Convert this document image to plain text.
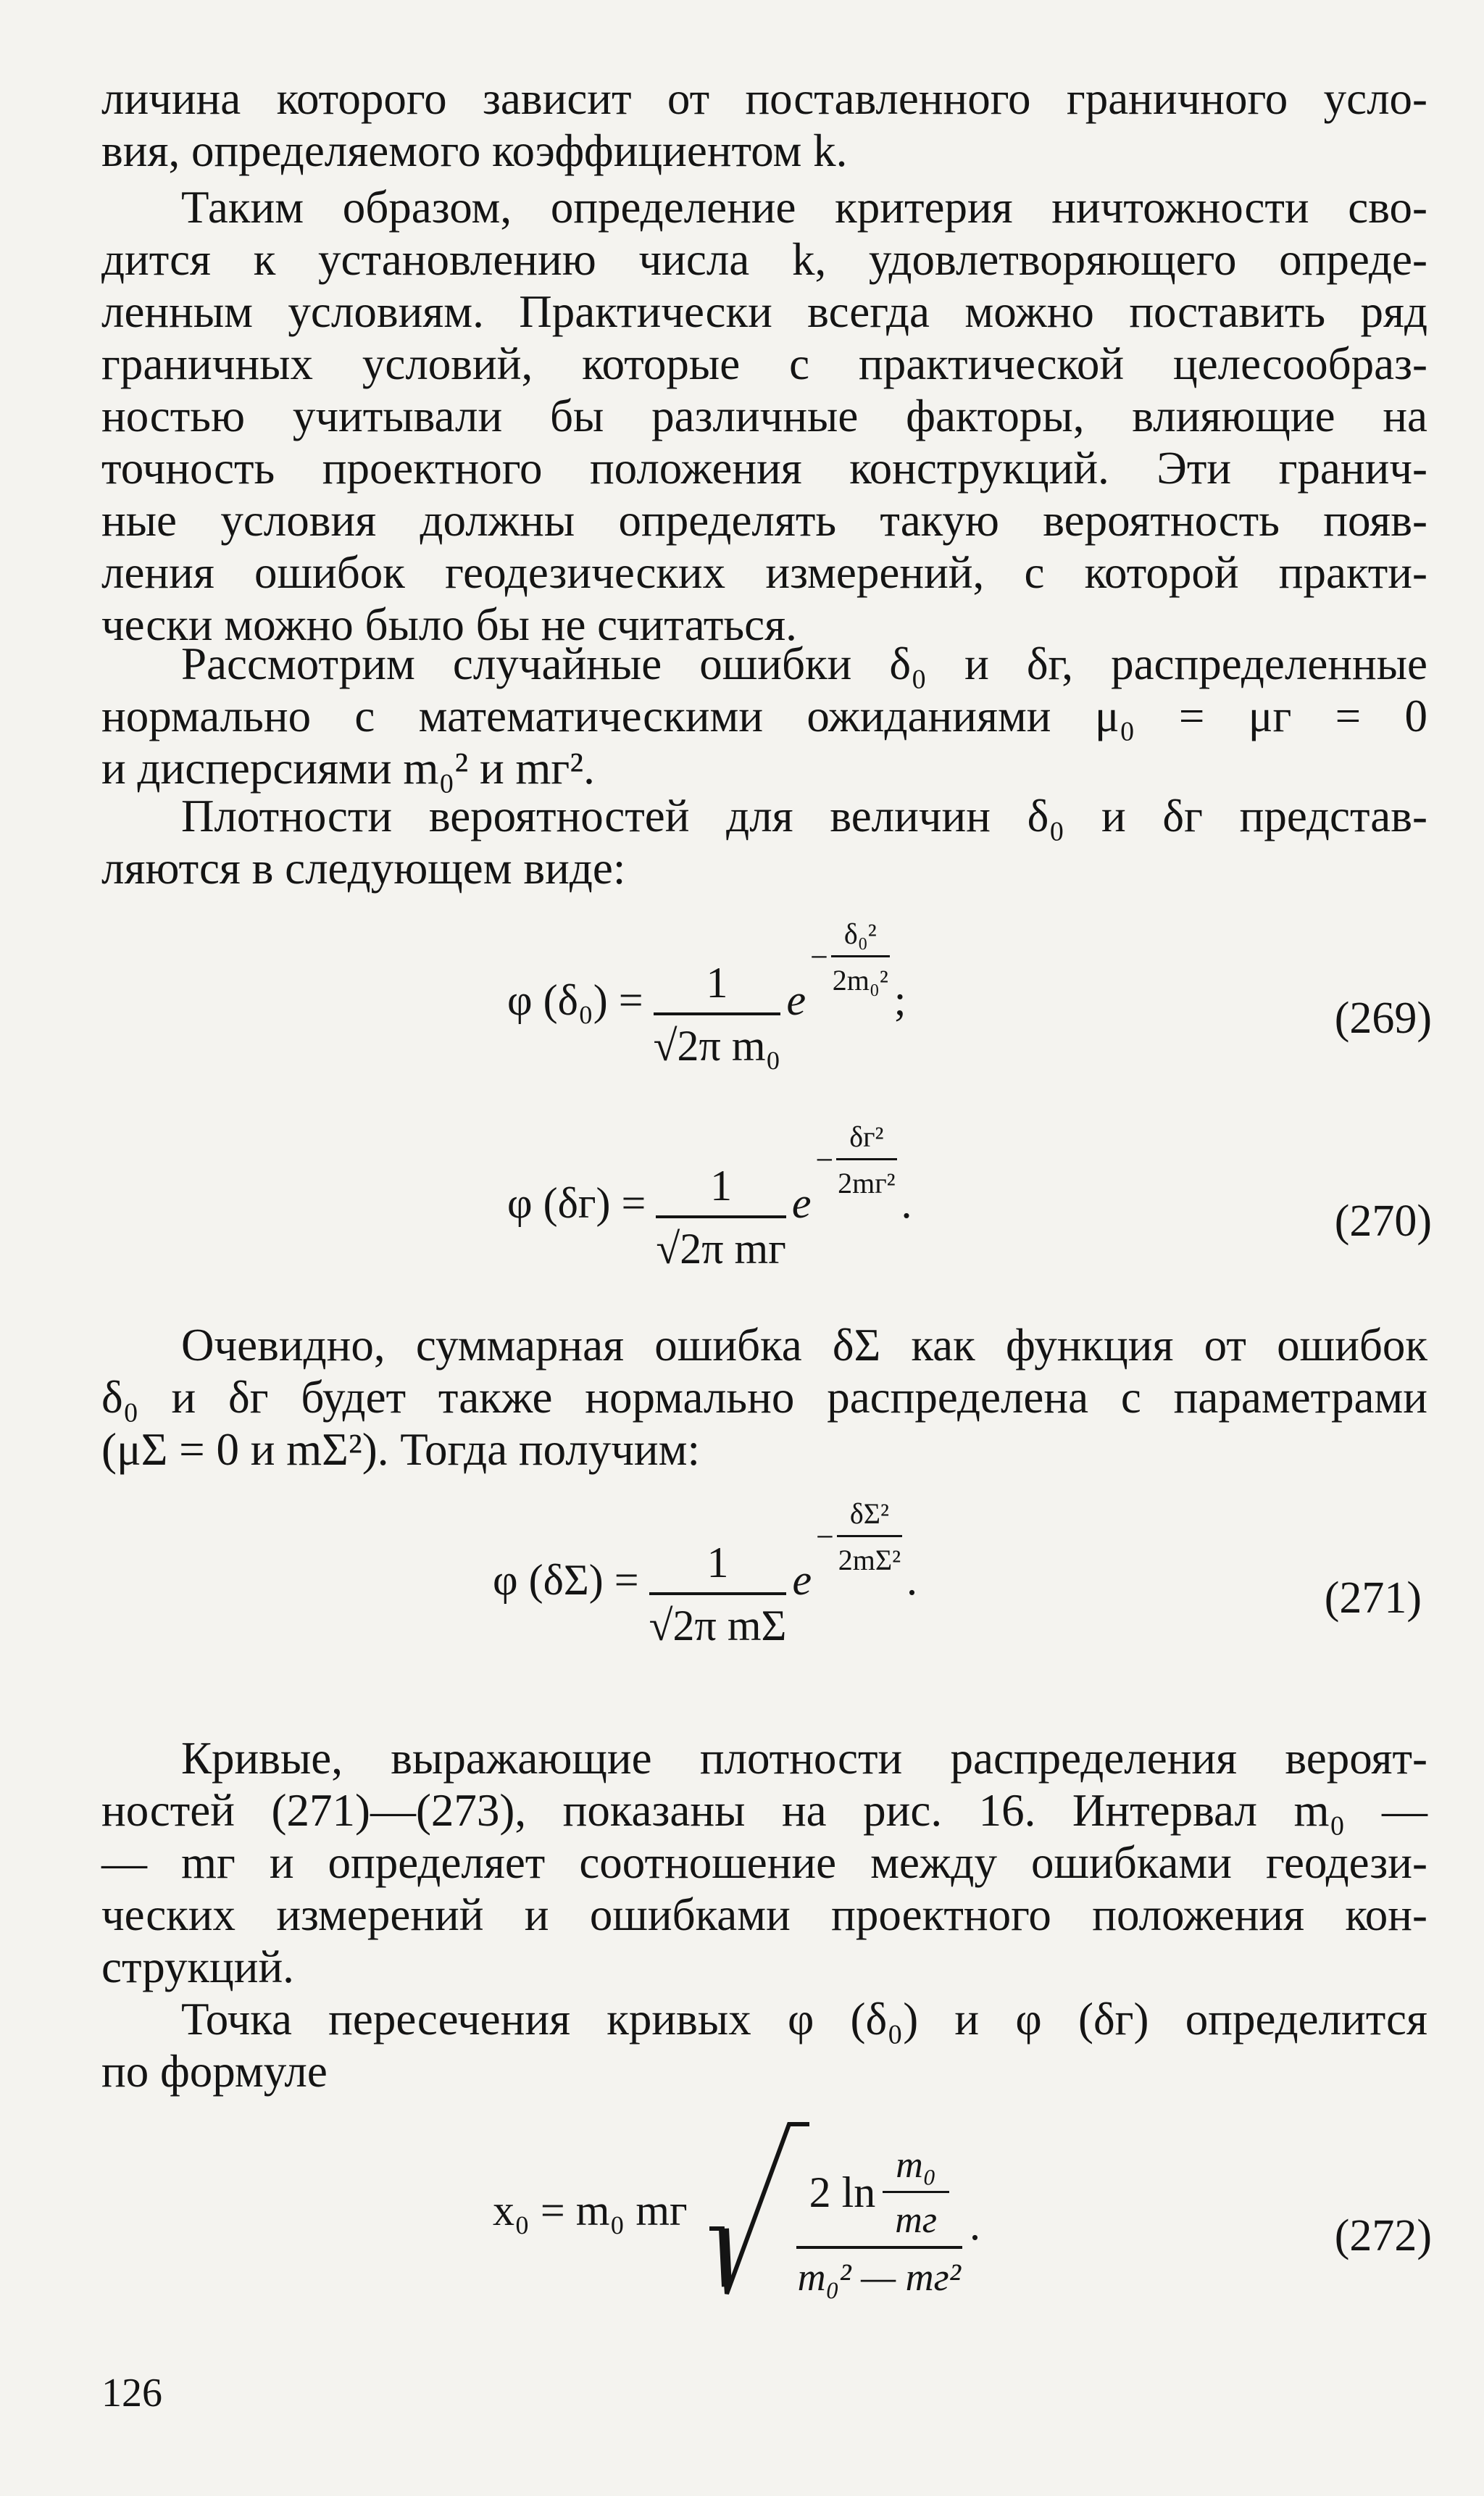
личина которого зависит от поставленного граничного усло-
вия, определяемого коэффициентом k.

Таким образом, определение критерия ничтожности сво-
дится к установлению числа k, удовлетворяющего опреде-
ленным условиям. Практически всегда можно поставить ряд
граничных условий, которые с практической целесообраз-
ностью учитывали бы различные факторы, влияющие на
точность проектного положения конструкций. Эти гранич-
ные условия должны определять такую вероятность появ-
ления ошибок геодезических измерений, с которой практи-
чески можно было бы не считаться.

Рассмотрим случайные ошибки δ₀ и δг, распределенные
нормально с математическими ожиданиями μ₀ = μг = 0
и дисперсиями m₀² и mг².

Плотности вероятностей для величин δ₀ и δг представ-
ляются в следующем виде:

φ $(\delta_0) = \frac{1}{\text{√2π m₀}}$ e
− $\frac{\text{δ₀²}}{\text{2m₀²}}$
;	(269)
φ $(\delta г) = \frac{1}{\text{√2π mг}}$ e
− $\frac{\text{δг²}}{\text{2mг²}}$
.	(270)

Очевидно, суммарная ошибка δΣ как функция от ошибок
δ₀ и δг будет также нормально распределена с параметрами
(μΣ = 0 и mΣ²). Тогда получим:

φ $(\delta\Sigma) = \frac{1}{\text{√2π mΣ}}$ e
− $\frac{\text{δΣ²}}{\text{2mΣ²}}$
.	(271)

Кривые, выражающие плотности распределения вероят-
ностей (271)—(273), показаны на рис. 16. Интервал m₀ —
— mг и определяет соотношение между ошибками геодези-
ческих измерений и ошибками проектного положения кон-
струкций.

Точка пересечения кривых φ (δ₀) и φ (δг) определится
по формуле

x₀ = m₀ mг	$\frac{2 \ln \frac{\text{m₀}}{mг}}{\text{m₀² — mг²}}$ .	(272)
126
